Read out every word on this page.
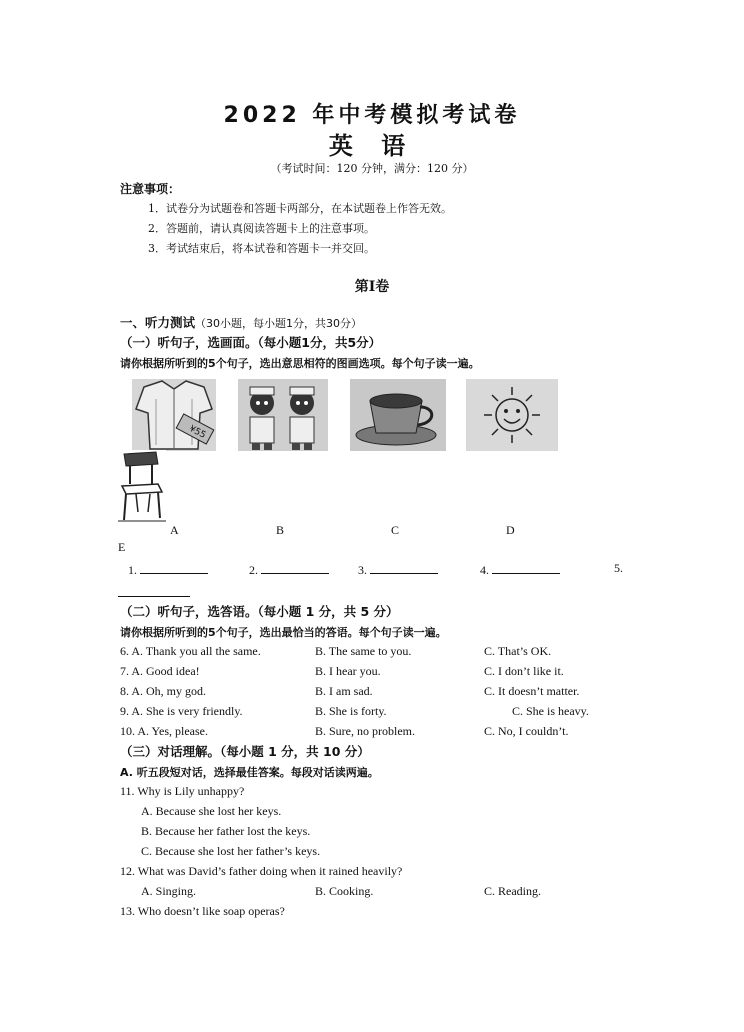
2022 年中考模拟考试卷
英 语
（考试时间：120 分钟，满分：120 分）
注意事项：
1．试卷分为试题卷和答题卡两部分，在本试题卷上作答无效。
2．答题前，请认真阅读答题卡上的注意事项。
3．考试结束后，将本试卷和答题卡一并交回。
第Ⅰ卷
一、听力测试（30小题，每小题1分，共30分）
（一）听句子，选画面。（每小题1分，共5分）
请你根据所听到的5个句子，选出意思相符的图画选项。每个句子读一遍。
¥55
A	B	C	D
E
1.	2.	3.	4.	5.
（二）听句子，选答语。（每小题 1 分，共 5 分）
请你根据所听到的5个句子，选出最恰当的答语。每个句子读一遍。
6. A. Thank you all the same.	B. The same to you.	C. That’s OK.
7. A. Good idea!	B. I hear you.	C. I don’t like it.
8. A. Oh, my god.	B. I am sad.	C. It doesn’t matter.
9. A. She is very friendly.	B. She is forty.	C. She is heavy.
10. A. Yes, please.	B. Sure, no problem.	C. No, I couldn’t.
（三）对话理解。（每小题 1 分，共 10 分）
A. 听五段短对话，选择最佳答案。每段对话读两遍。
11. Why is Lily unhappy?
A. Because she lost her keys.
B. Because her father lost the keys.
C. Because she lost her father’s keys.
12. What was David’s father doing when it rained heavily?
A. Singing.	B. Cooking.	C. Reading.
13. Who doesn’t like soap operas?
